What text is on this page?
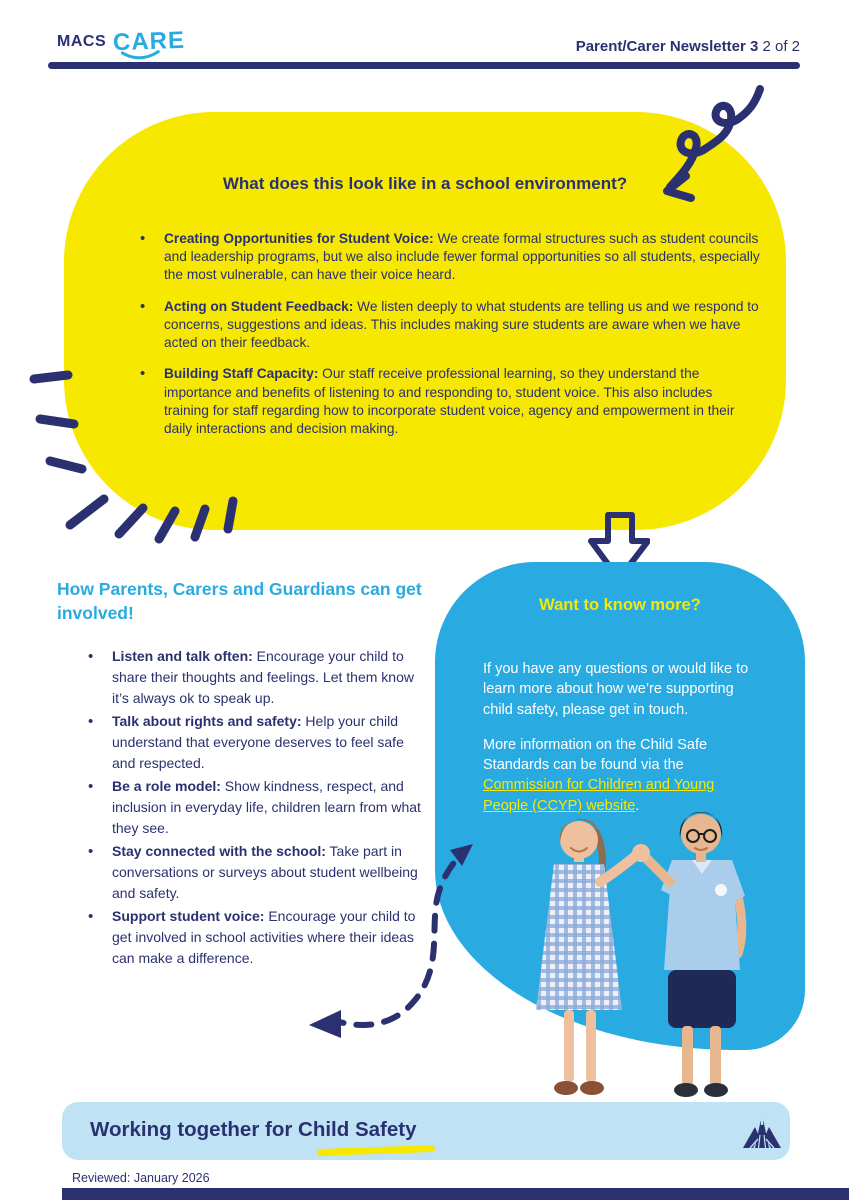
MACS CARE	Parent/Carer Newsletter 3 2 of 2
What does this look like in a school environment?
• Creating Opportunities for Student Voice: We create formal structures such as student councils and leadership programs, but we also include fewer formal opportunities so all students, especially the most vulnerable, can have their voice heard.
• Acting on Student Feedback: We listen deeply to what students are telling us and we respond to concerns, suggestions and ideas. This includes making sure students are aware when we have acted on their feedback.
• Building Staff Capacity: Our staff receive professional learning, so they understand the importance and benefits of listening to and responding to, student voice. This also includes training for staff regarding how to incorporate student voice, agency and empowerment in their daily interactions and decision making.
How Parents, Carers and Guardians can get involved!
• Listen and talk often: Encourage your child to share their thoughts and feelings. Let them know it’s always ok to speak up.
• Talk about rights and safety: Help your child understand that everyone deserves to feel safe and respected.
• Be a role model: Show kindness, respect, and inclusion in everyday life, children learn from what they see.
• Stay connected with the school: Take part in conversations or surveys about student wellbeing and safety.
• Support student voice: Encourage your child to get involved in school activities where their ideas can make a difference.
Want to know more?

If you have any questions or would like to learn more about how we’re supporting child safety, please get in touch.

More information on the Child Safe Standards can be found via the Commission for Children and Young People (CCYP) website.

Working together for Child Safety
Reviewed: January 2026
